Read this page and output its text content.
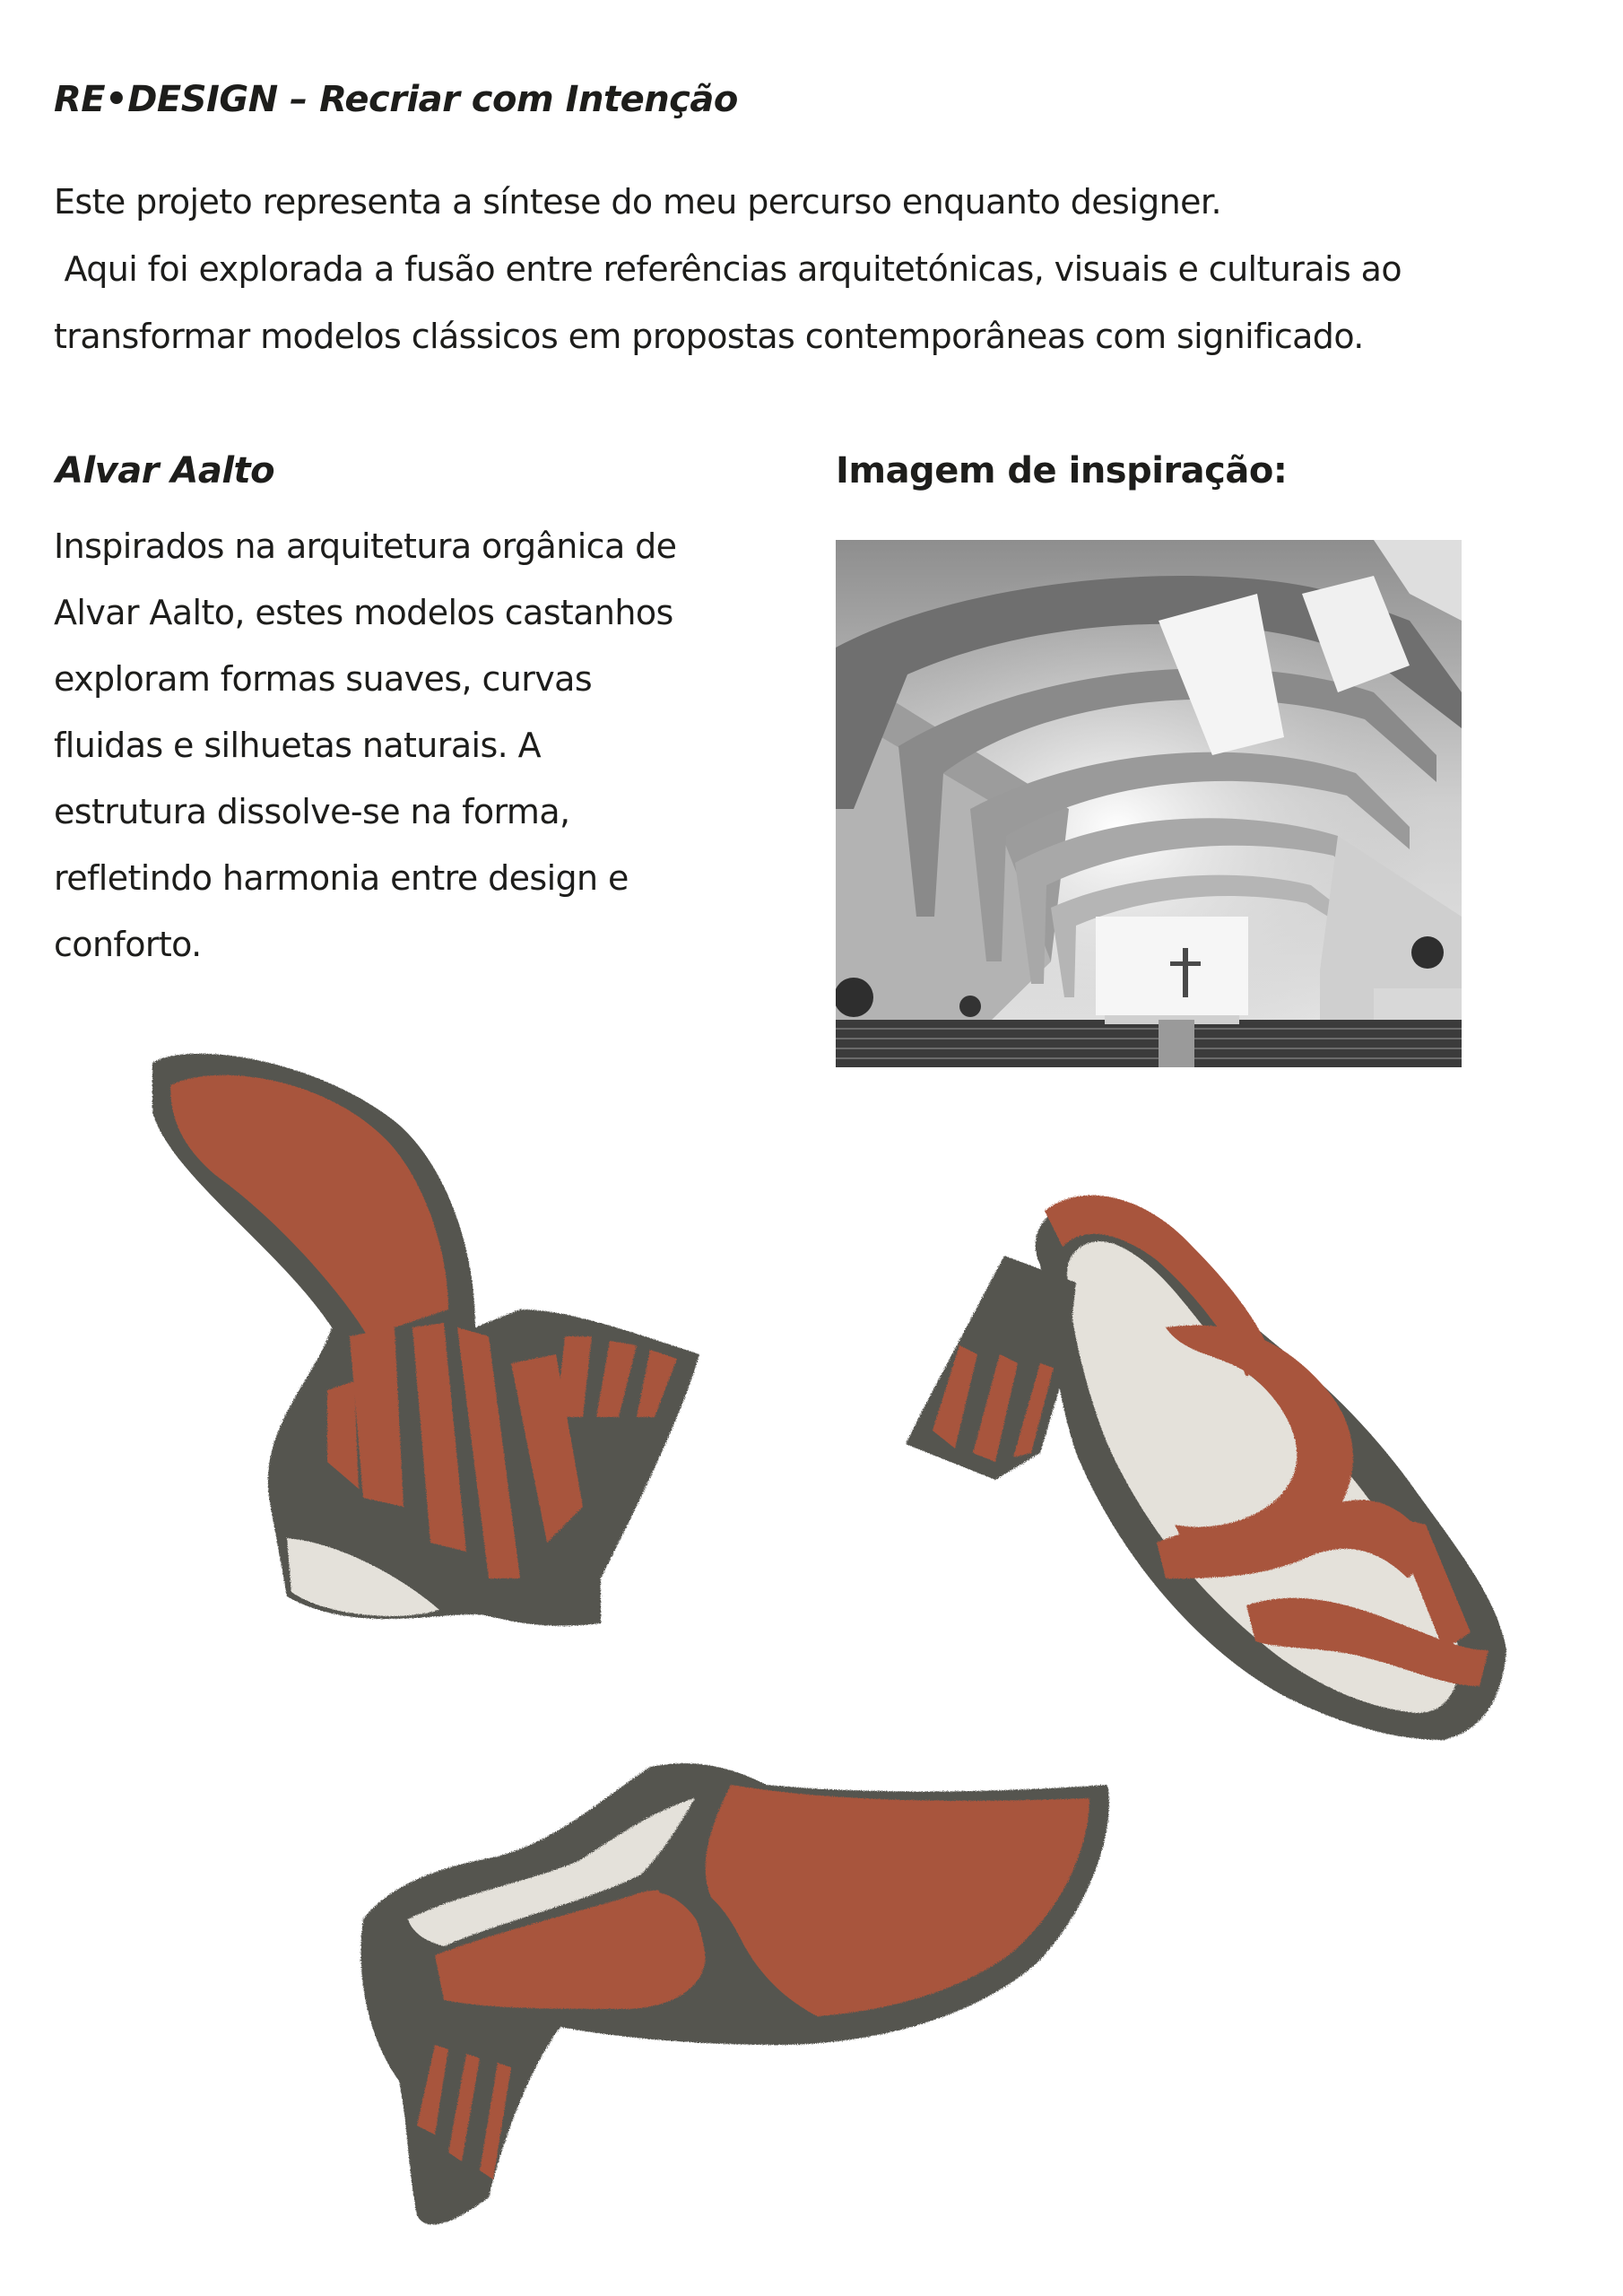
RE•DESIGN – Recriar com Intenção

Este projeto representa a síntese do meu percurso enquanto designer.

Aqui foi explorada a fusão entre referências arquitetónicas, visuais e culturais ao

transformar modelos clássicos em propostas contemporâneas com significado.

Alvar Aalto

Inspirados na arquitetura orgânica de

Alvar Aalto, estes modelos castanhos

exploram formas suaves, curvas

fluidas e silhuetas naturais. A

estrutura dissolve-se na forma,

refletindo harmonia entre design e

conforto.

Imagem de inspiração:
